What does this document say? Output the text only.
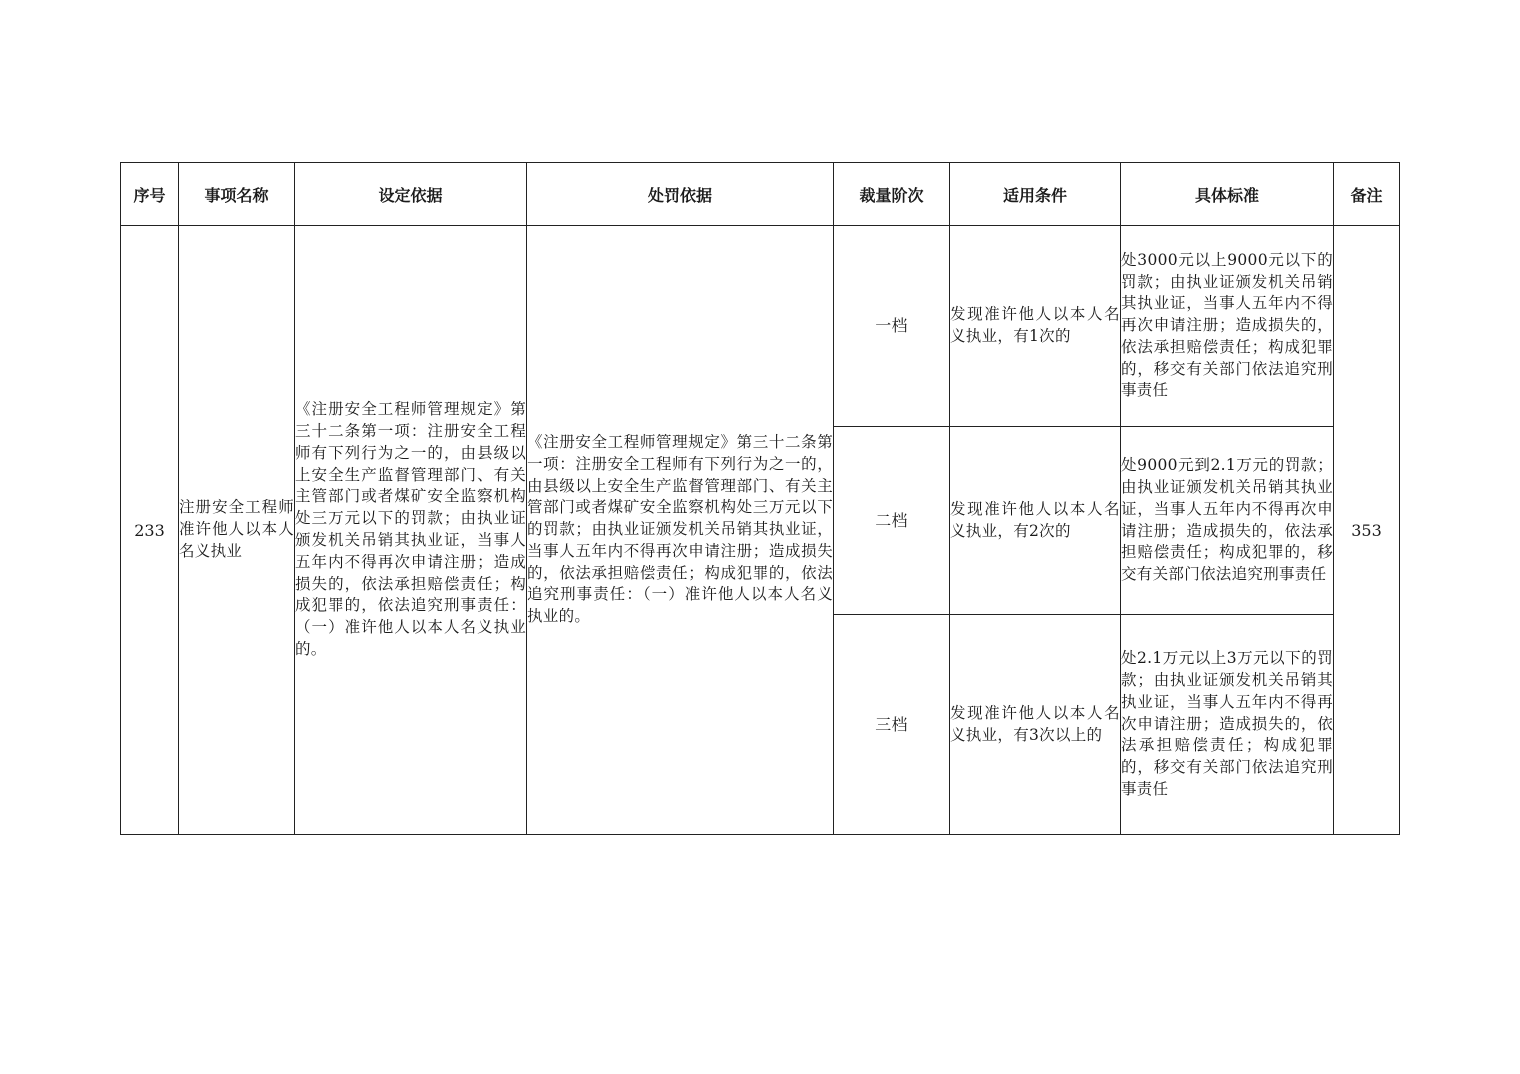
序号	事项名称	设定依据	处罚依据	裁量阶次	适用条件	具体标准	备注
233	注册安全工程师准许他人以本人名义执业	《注册安全工程师管理规定》第三十二条第一项：注册安全工程师有下列行为之一的，由县级以上安全生产监督管理部门、有关主管部门或者煤矿安全监察机构处三万元以下的罚款；由执业证颁发机关吊销其执业证，当事人五年内不得再次申请注册；造成损失的，依法承担赔偿责任；构成犯罪的，依法追究刑事责任：（一）准许他人以本人名义执业的。	《注册安全工程师管理规定》第三十二条第一项：注册安全工程师有下列行为之一的，由县级以上安全生产监督管理部门、有关主管部门或者煤矿安全监察机构处三万元以下的罚款；由执业证颁发机关吊销其执业证，当事人五年内不得再次申请注册；造成损失的，依法承担赔偿责任；构成犯罪的，依法追究刑事责任：（一）准许他人以本人名义执业的。	一档	发现准许他人以本人名义执业，有1次的	处3000元以上9000元以下的罚款；由执业证颁发机关吊销其执业证，当事人五年内不得再次申请注册；造成损失的，依法承担赔偿责任；构成犯罪的，移交有关部门依法追究刑事责任	353
				二档	发现准许他人以本人名义执业，有2次的	处9000元到2.1万元的罚款；由执业证颁发机关吊销其执业证，当事人五年内不得再次申请注册；造成损失的，依法承担赔偿责任；构成犯罪的，移交有关部门依法追究刑事责任	
				三档	发现准许他人以本人名义执业，有3次以上的	处2.1万元以上3万元以下的罚款；由执业证颁发机关吊销其执业证，当事人五年内不得再次申请注册；造成损失的，依法承担赔偿责任；构成犯罪的，移交有关部门依法追究刑事责任	
